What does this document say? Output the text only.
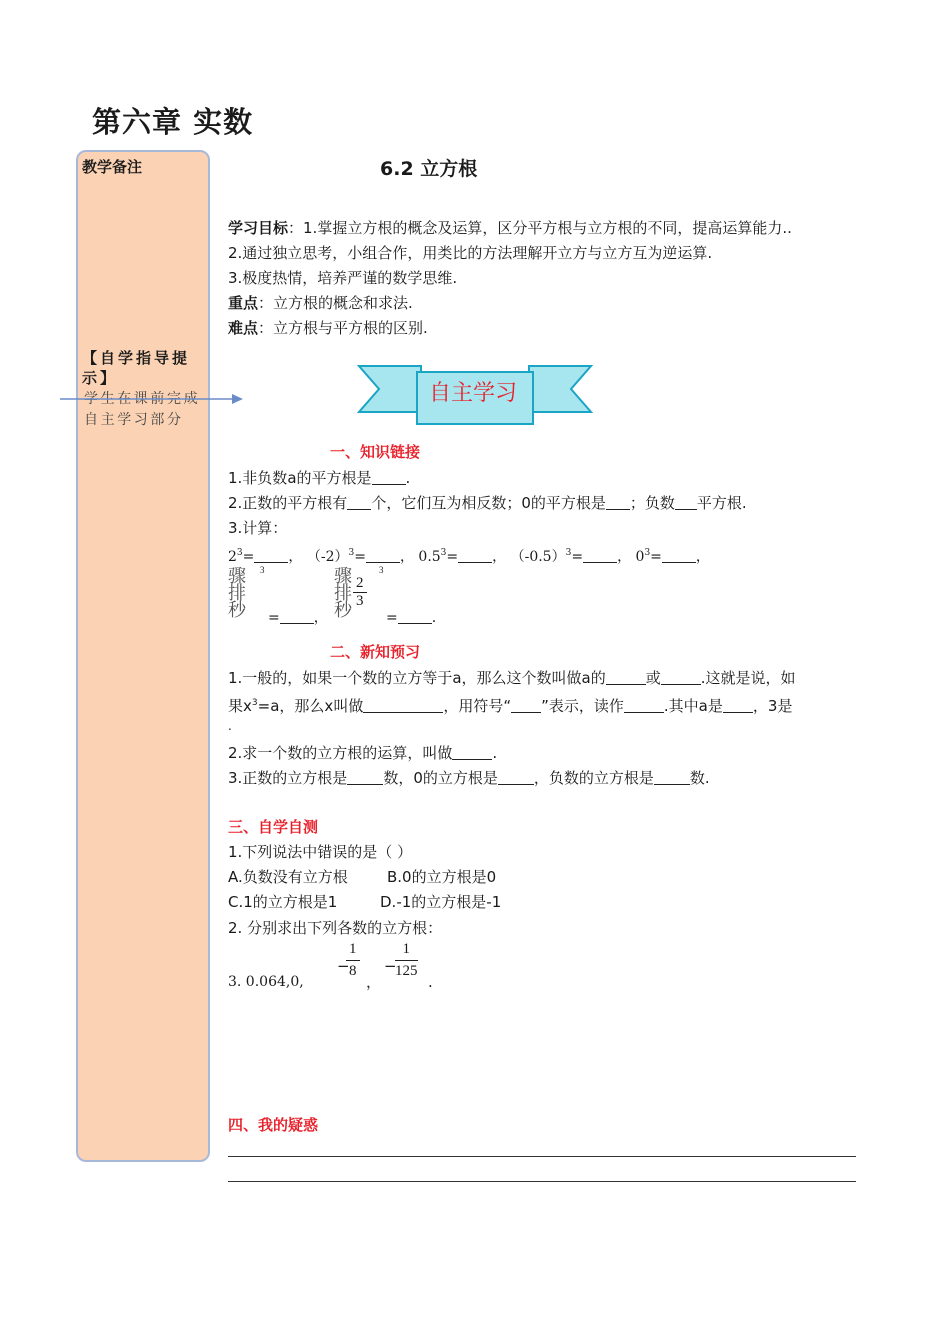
第六章 实数
教学备注
【自学指导提示】
学生在课前完成自主学习部分
6.2 立方根
学习目标：1.掌握立方根的概念及运算，区分平方根与立方根的不同，提高运算能力..
2.通过独立思考，小组合作，用类比的方法理解开立方与立方互为逆运算.
3.极度热情，培养严谨的数学思维.
重点：立方根的概念和求法.
难点：立方根与平方根的区别.
自主学习
一、知识链接
1.非负数a的平方根是 .
2.正数的平方根有 个，它们互为相反数；0的平方根是 ；负数 平方根.
3.计算：
$2^3=$ ， $(-2)^3=$ ， $0.5^3=$ ， $(-0.5)^3=$ ， $0^3=$ ，
骤
排
秒
3
= ，
骤
排
秒
$\frac{2}{3}$
3
= .
二、新知预习
1.一般的，如果一个数的立方等于a，那么这个数叫做a的	或	.这就是说，如
果$x^3=a$，那么x叫做	，用符号“ ”表示，读作	.其中a是 ，3是
.
2.求一个数的立方根的运算，叫做	.
3.正数的立方根是 数，0的立方根是 ，负数的立方根是 数.
三、自学自测
1.下列说法中错误的是（ ）
A.负数没有立方根	B.0的立方根是0
C.1的立方根是1	D.-1的立方根是-1
2. 分别求出下列各数的立方根：
3. 0.064,0,
−
$\frac{1}{8}$
，
−
$\frac{1}{125}$
.
四、我的疑惑
